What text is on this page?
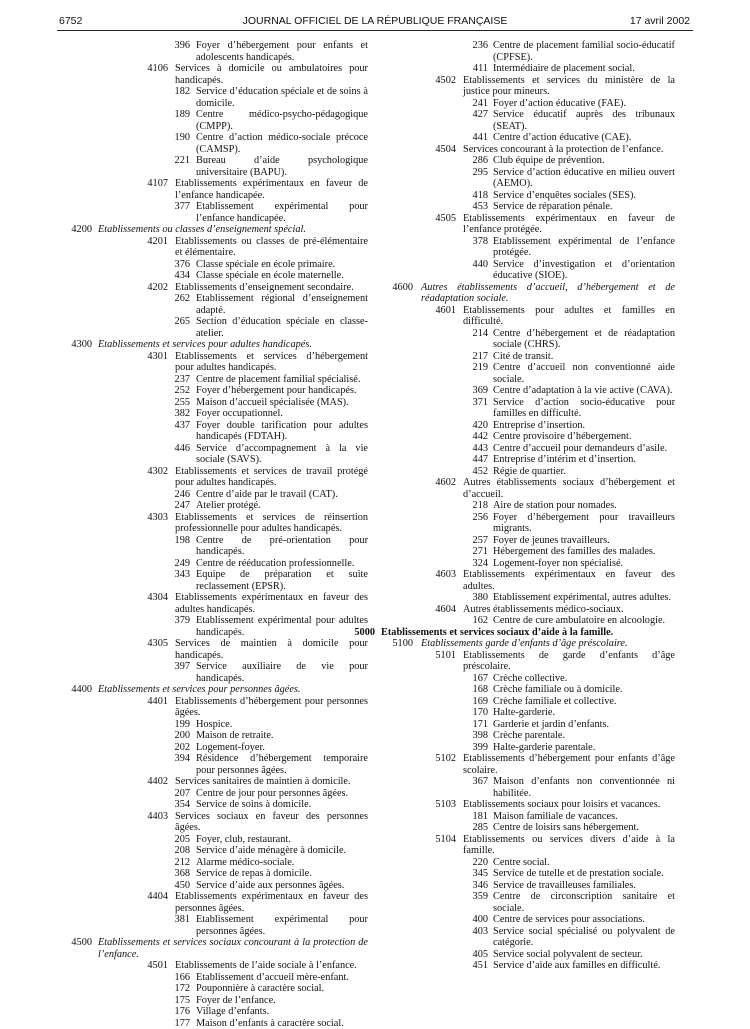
6752	JOURNAL OFFICIEL DE LA RÉPUBLIQUE FRANÇAISE	17 avril 2002
396 Foyer d’hébergement pour enfants et adolescents handicapés.
4106 Services à domicile ou ambulatoires pour handicapés.
182 Service d’éducation spéciale et de soins à domicile.
189 Centre médico-psycho-pédagogique (CMPP).
190 Centre d’action médico-sociale précoce (CAMSP).
221 Bureau d’aide psychologique universitaire (BAPU).
4107 Etablissements expérimentaux en faveur de l’enfance handicapée.
377 Etablissement expérimental pour l’enfance handicapée.
4200 Etablissements ou classes d’enseignement spécial.
4201 Etablissements ou classes de pré-élémentaire et élémentaire.
376 Classe spéciale en école primaire.
434 Classe spéciale en école maternelle.
4202 Etablissements d’enseignement secondaire.
262 Etablissement régional d’enseignement adapté.
265 Section d’éducation spéciale en classe-atelier.
4300 Etablissements et services pour adultes handicapés.
4301 Etablissements et services d’hébergement pour adultes handicapés.
237 Centre de placement familial spécialisé.
252 Foyer d’hébergement pour handicapés.
255 Maison d’accueil spécialisée (MAS).
382 Foyer occupationnel.
437 Foyer double tarification pour adultes handicapés (FDTAH).
446 Service d’accompagnement à la vie sociale (SAVS).
4302 Etablissements et services de travail protégé pour adultes handicapés.
246 Centre d’aide par le travail (CAT).
247 Atelier protégé.
4303 Etablissements et services de réinsertion professionnelle pour adultes handicapés.
198 Centre de pré-orientation pour handicapés.
249 Centre de rééducation professionnelle.
343 Equipe de préparation et suite reclassement (EPSR).
4304 Etablissements expérimentaux en faveur des adultes handicapés.
379 Etablissement expérimental pour adultes handicapés.
4305 Services de maintien à domicile pour handicapés.
397 Service auxiliaire de vie pour handicapés.
4400 Etablissements et services pour personnes âgées.
4401 Etablissements d’hébergement pour personnes âgées.
199 Hospice.
200 Maison de retraite.
202 Logement-foyer.
394 Résidence d’hébergement temporaire pour personnes âgées.
4402 Services sanitaires de maintien à domicile.
207 Centre de jour pour personnes âgées.
354 Service de soins à domicile.
4403 Services sociaux en faveur des personnes âgées.
205 Foyer, club, restaurant.
208 Service d’aide ménagère à domicile.
212 Alarme médico-sociale.
368 Service de repas à domicile.
450 Service d’aide aux personnes âgées.
4404 Etablissements expérimentaux en faveur des personnes âgées.
381 Etablissement expérimental pour personnes âgées.
4500 Etablissements et services sociaux concourant à la protection de l’enfance.
4501 Etablissements de l’aide sociale à l’enfance.
166 Etablissement d’accueil mère-enfant.
172 Pouponnière à caractère social.
175 Foyer de l’enfance.
176 Village d’enfants.
177 Maison d’enfants à caractère social.
236 Centre de placement familial socio-éducatif (CPFSE).
411 Intermédiaire de placement social.
4502 Etablissements et services du ministère de la justice pour mineurs.
241 Foyer d’action éducative (FAE).
427 Service éducatif auprès des tribunaux (SEAT).
441 Centre d’action éducative (CAE).
4504 Services concourant à la protection de l’enfance.
286 Club équipe de prévention.
295 Service d’action éducative en milieu ouvert (AEMO).
418 Service d’enquêtes sociales (SES).
453 Service de réparation pénale.
4505 Etablissements expérimentaux en faveur de l’enfance protégée.
378 Etablissement expérimental de l’enfance protégée.
440 Service d’investigation et d’orientation éducative (SIOE).
4600 Autres établissements d’accueil, d’hébergement et de réadaptation sociale.
4601 Etablissements pour adultes et familles en difficulté.
214 Centre d’hébergement et de réadaptation sociale (CHRS).
217 Cité de transit.
219 Centre d’accueil non conventionné aide sociale.
369 Centre d’adaptation à la vie active (CAVA).
371 Service d’action socio-éducative pour familles en difficulté.
420 Entreprise d’insertion.
442 Centre provisoire d’hébergement.
443 Centre d’accueil pour demandeurs d’asile.
447 Entreprise d’intérim et d’insertion.
452 Régie de quartier.
4602 Autres établissements sociaux d’hébergement et d’accueil.
218 Aire de station pour nomades.
256 Foyer d’hébergement pour travailleurs migrants.
257 Foyer de jeunes travailleurs.
271 Hébergement des familles des malades.
324 Logement-foyer non spécialisé.
4603 Etablissements expérimentaux en faveur des adultes.
380 Etablissement expérimental, autres adultes.
4604 Autres établissements médico-sociaux.
162 Centre de cure ambulatoire en alcoologie.
5000 Etablissements et services sociaux d’aide à la famille.
5100 Etablissements garde d’enfants d’âge préscolaire.
5101 Etablissements de garde d’enfants d’âge préscolaire.
167 Crèche collective.
168 Crèche familiale ou à domicile.
169 Crèche familiale et collective.
170 Halte-garderie.
171 Garderie et jardin d’enfants.
398 Crèche parentale.
399 Halte-garderie parentale.
5102 Etablissements d’hébergement pour enfants d’âge scolaire.
367 Maison d’enfants non conventionnée ni habilitée.
5103 Etablissements sociaux pour loisirs et vacances.
181 Maison familiale de vacances.
285 Centre de loisirs sans hébergement.
5104 Etablissements ou services divers d’aide à la famille.
220 Centre social.
345 Service de tutelle et de prestation sociale.
346 Service de travailleuses familiales.
359 Centre de circonscription sanitaire et sociale.
400 Centre de services pour associations.
403 Service social spécialisé ou polyvalent de catégorie.
405 Service social polyvalent de secteur.
451 Service d’aide aux familles en difficulté.
